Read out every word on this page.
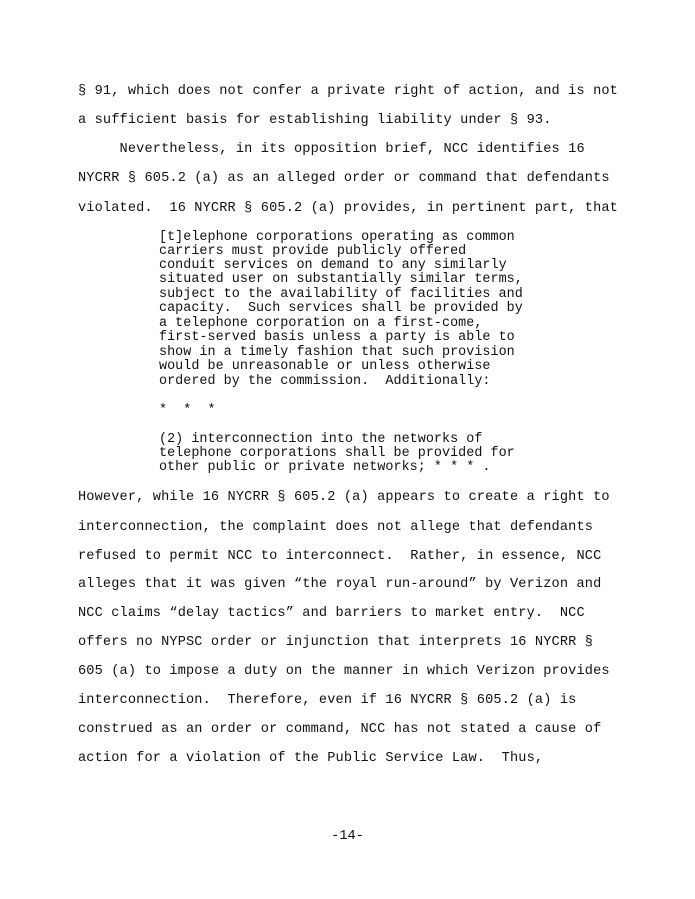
§ 91, which does not confer a private right of action, and is not
a sufficient basis for establishing liability under § 93.
Nevertheless, in its opposition brief, NCC identifies 16
NYCRR § 605.2 (a) as an alleged order or command that defendants
violated.  16 NYCRR § 605.2 (a) provides, in pertinent part, that
[t]elephone corporations operating as common
carriers must provide publicly offered
conduit services on demand to any similarly
situated user on substantially similar terms,
subject to the availability of facilities and
capacity.  Such services shall be provided by
a telephone corporation on a first-come,
first-served basis unless a party is able to
show in a timely fashion that such provision
would be unreasonable or unless otherwise
ordered by the commission.  Additionally:
*  *  *
(2) interconnection into the networks of
telephone corporations shall be provided for
other public or private networks; * * * .
However, while 16 NYCRR § 605.2 (a) appears to create a right to
interconnection, the complaint does not allege that defendants
refused to permit NCC to interconnect.  Rather, in essence, NCC
alleges that it was given “the royal run-around” by Verizon and
NCC claims “delay tactics” and barriers to market entry.  NCC
offers no NYPSC order or injunction that interprets 16 NYCRR §
605 (a) to impose a duty on the manner in which Verizon provides
interconnection.  Therefore, even if 16 NYCRR § 605.2 (a) is
construed as an order or command, NCC has not stated a cause of
action for a violation of the Public Service Law.  Thus,
-14-
